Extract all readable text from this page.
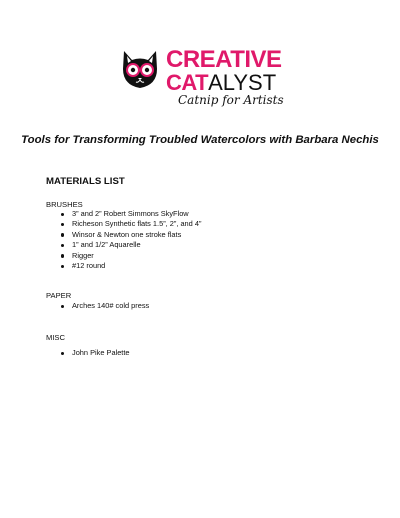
CREATIVE
CATALYST
Catnip for Artists
Tools for Transforming Troubled Watercolors with Barbara Nechis
MATERIALS LIST
BRUSHES
3” and 2” Robert Simmons SkyFlow
Richeson Synthetic flats 1.5”, 2”, and 4”
Winsor & Newton one stroke flats
1” and 1/2” Aquarelle
Rigger
#12 round
PAPER
Arches 140# cold press
MISC
John Pike Palette
